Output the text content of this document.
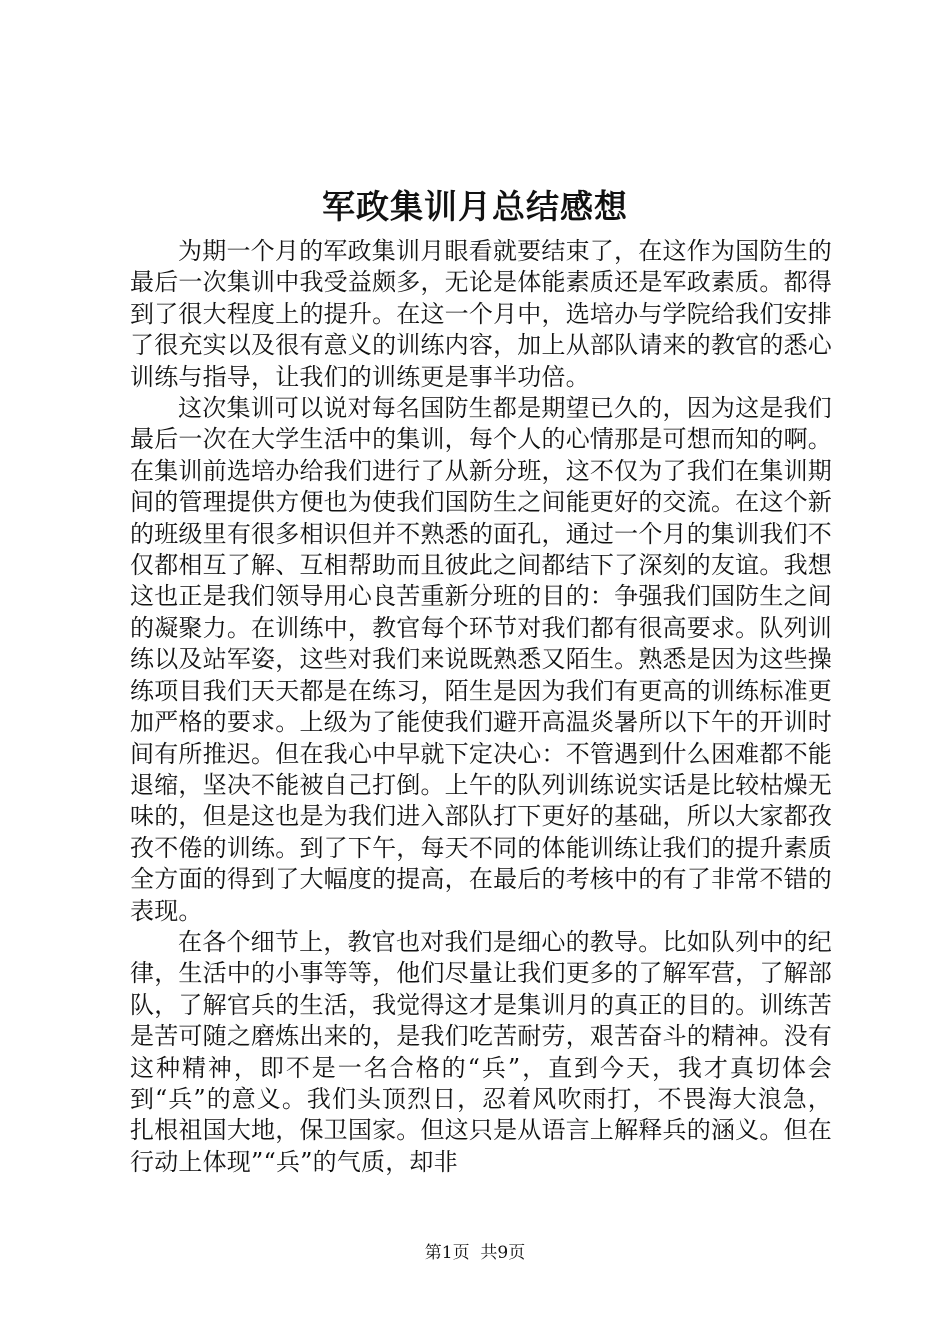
军政集训月总结感想

为期一个月的军政集训月眼看就要结束了，在这作为国防生的最后一次集训中我受益颇多，无论是体能素质还是军政素质。都得到了很大程度上的提升。在这一个月中，选培办与学院给我们安排了很充实以及很有意义的训练内容，加上从部队请来的教官的悉心训练与指导，让我们的训练更是事半功倍。

这次集训可以说对每名国防生都是期望已久的，因为这是我们最后一次在大学生活中的集训，每个人的心情那是可想而知的啊。在集训前选培办给我们进行了从新分班，这不仅为了我们在集训期间的管理提供方便也为使我们国防生之间能更好的交流。在这个新的班级里有很多相识但并不熟悉的面孔，通过一个月的集训我们不仅都相互了解、互相帮助而且彼此之间都结下了深刻的友谊。我想这也正是我们领导用心良苦重新分班的目的：争强我们国防生之间的凝聚力。在训练中，教官每个环节对我们都有很高要求。队列训练以及站军姿，这些对我们来说既熟悉又陌生。熟悉是因为这些操练项目我们天天都是在练习，陌生是因为我们有更高的训练标准更加严格的要求。上级为了能使我们避开高温炎暑所以下午的开训时间有所推迟。但在我心中早就下定决心：不管遇到什么困难都不能退缩，坚决不能被自己打倒。上午的队列训练说实话是比较枯燥无味的，但是这也是为我们进入部队打下更好的基础，所以大家都孜孜不倦的训练。到了下午，每天不同的体能训练让我们的提升素质全方面的得到了大幅度的提高，在最后的考核中的有了非常不错的表现。

在各个细节上，教官也对我们是细心的教导。比如队列中的纪律，生活中的小事等等，他们尽量让我们更多的了解军营，了解部队，了解官兵的生活，我觉得这才是集训月的真正的目的。训练苦是苦可随之磨炼出来的，是我们吃苦耐劳，艰苦奋斗的精神。没有这种精神，即不是一名合格的“兵”，直到今天，我才真切体会到“兵”的意义。我们头顶烈日，忍着风吹雨打，不畏海大浪急，扎根祖国大地，保卫国家。但这只是从语言上解释兵的涵义。但在行动上体现”“兵”的气质，却非

第1页  共9页
